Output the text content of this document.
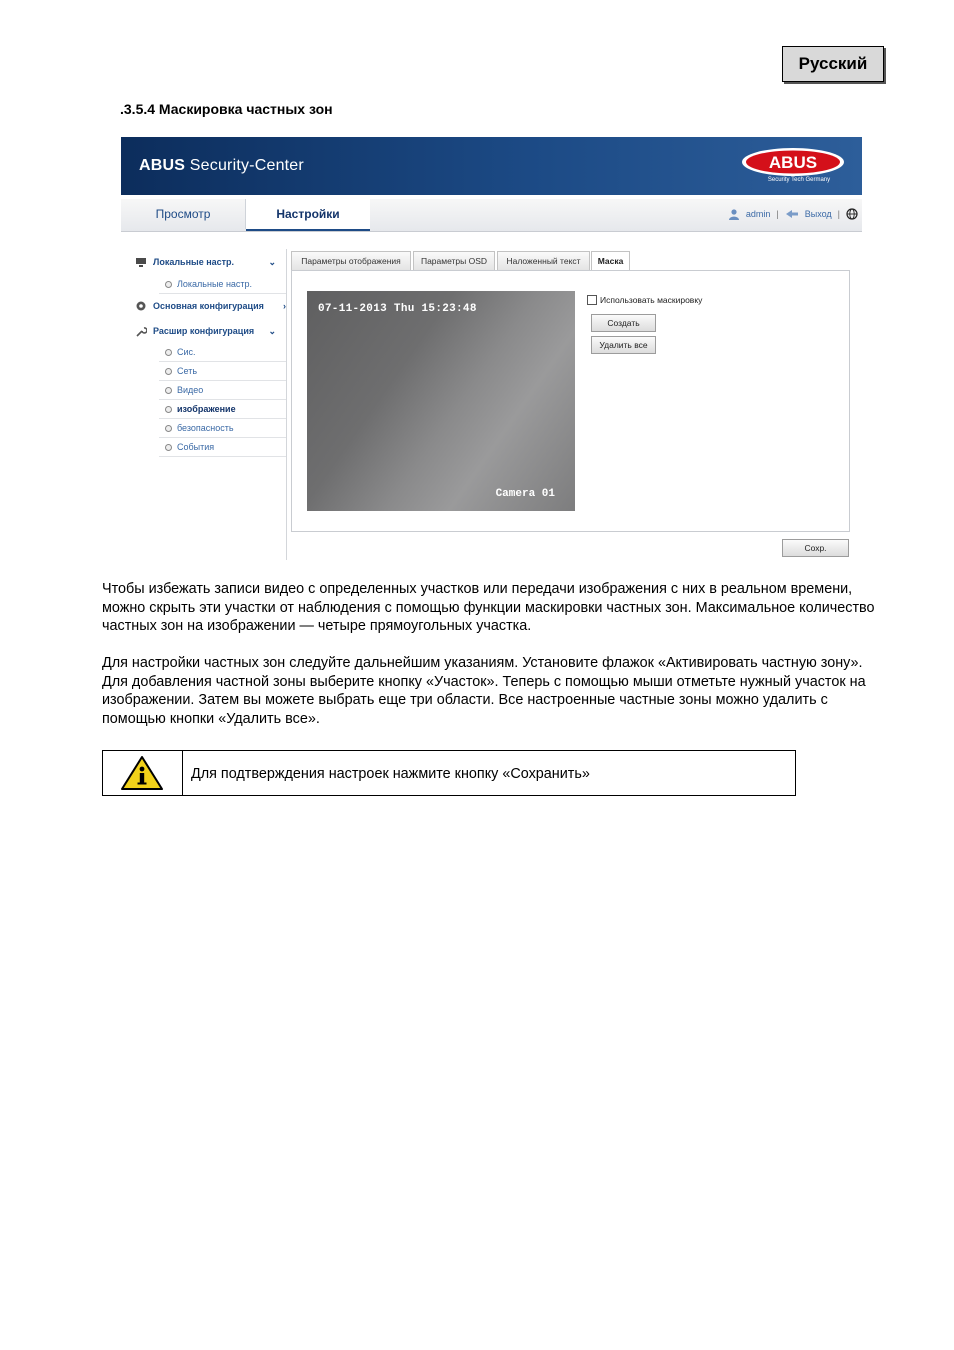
Русский
.3.5.4 Маскировка частных зон
ABUS Security-Center	ABUS
Security Tech Germany
Просмотр	Настройки	admin |	Выход |
Локальные настр.	⌄
Локальные настр.
Основная конфигурация ›
Расшир конфигурация ⌄
Сис.
Сеть
Видео
изображение
безопасность
События
Параметры отображения	Параметры OSD	Наложенный текст	Маска
07-11-2013 Thu 15:23:48
Camera 01
Использовать маскировку
Создать
Удалить все
Сохр.
Чтобы избежать записи видео с определенных участков или передачи изображения с них в реальном времени, можно скрыть эти участки от наблюдения с помощью функции маскировки частных зон. Максимальное количество частных зон на изображении — четыре прямоугольных участка.
Для настройки частных зон следуйте дальнейшим указаниям. Установите флажок «Активировать частную зону». Для добавления частной зоны выберите кнопку «Участок». Теперь с помощью мыши отметьте нужный участок на изображении. Затем вы можете выбрать еще три области. Все настроенные частные зоны можно удалить с помощью кнопки «Удалить все».
Для подтверждения настроек нажмите кнопку «Сохранить»
